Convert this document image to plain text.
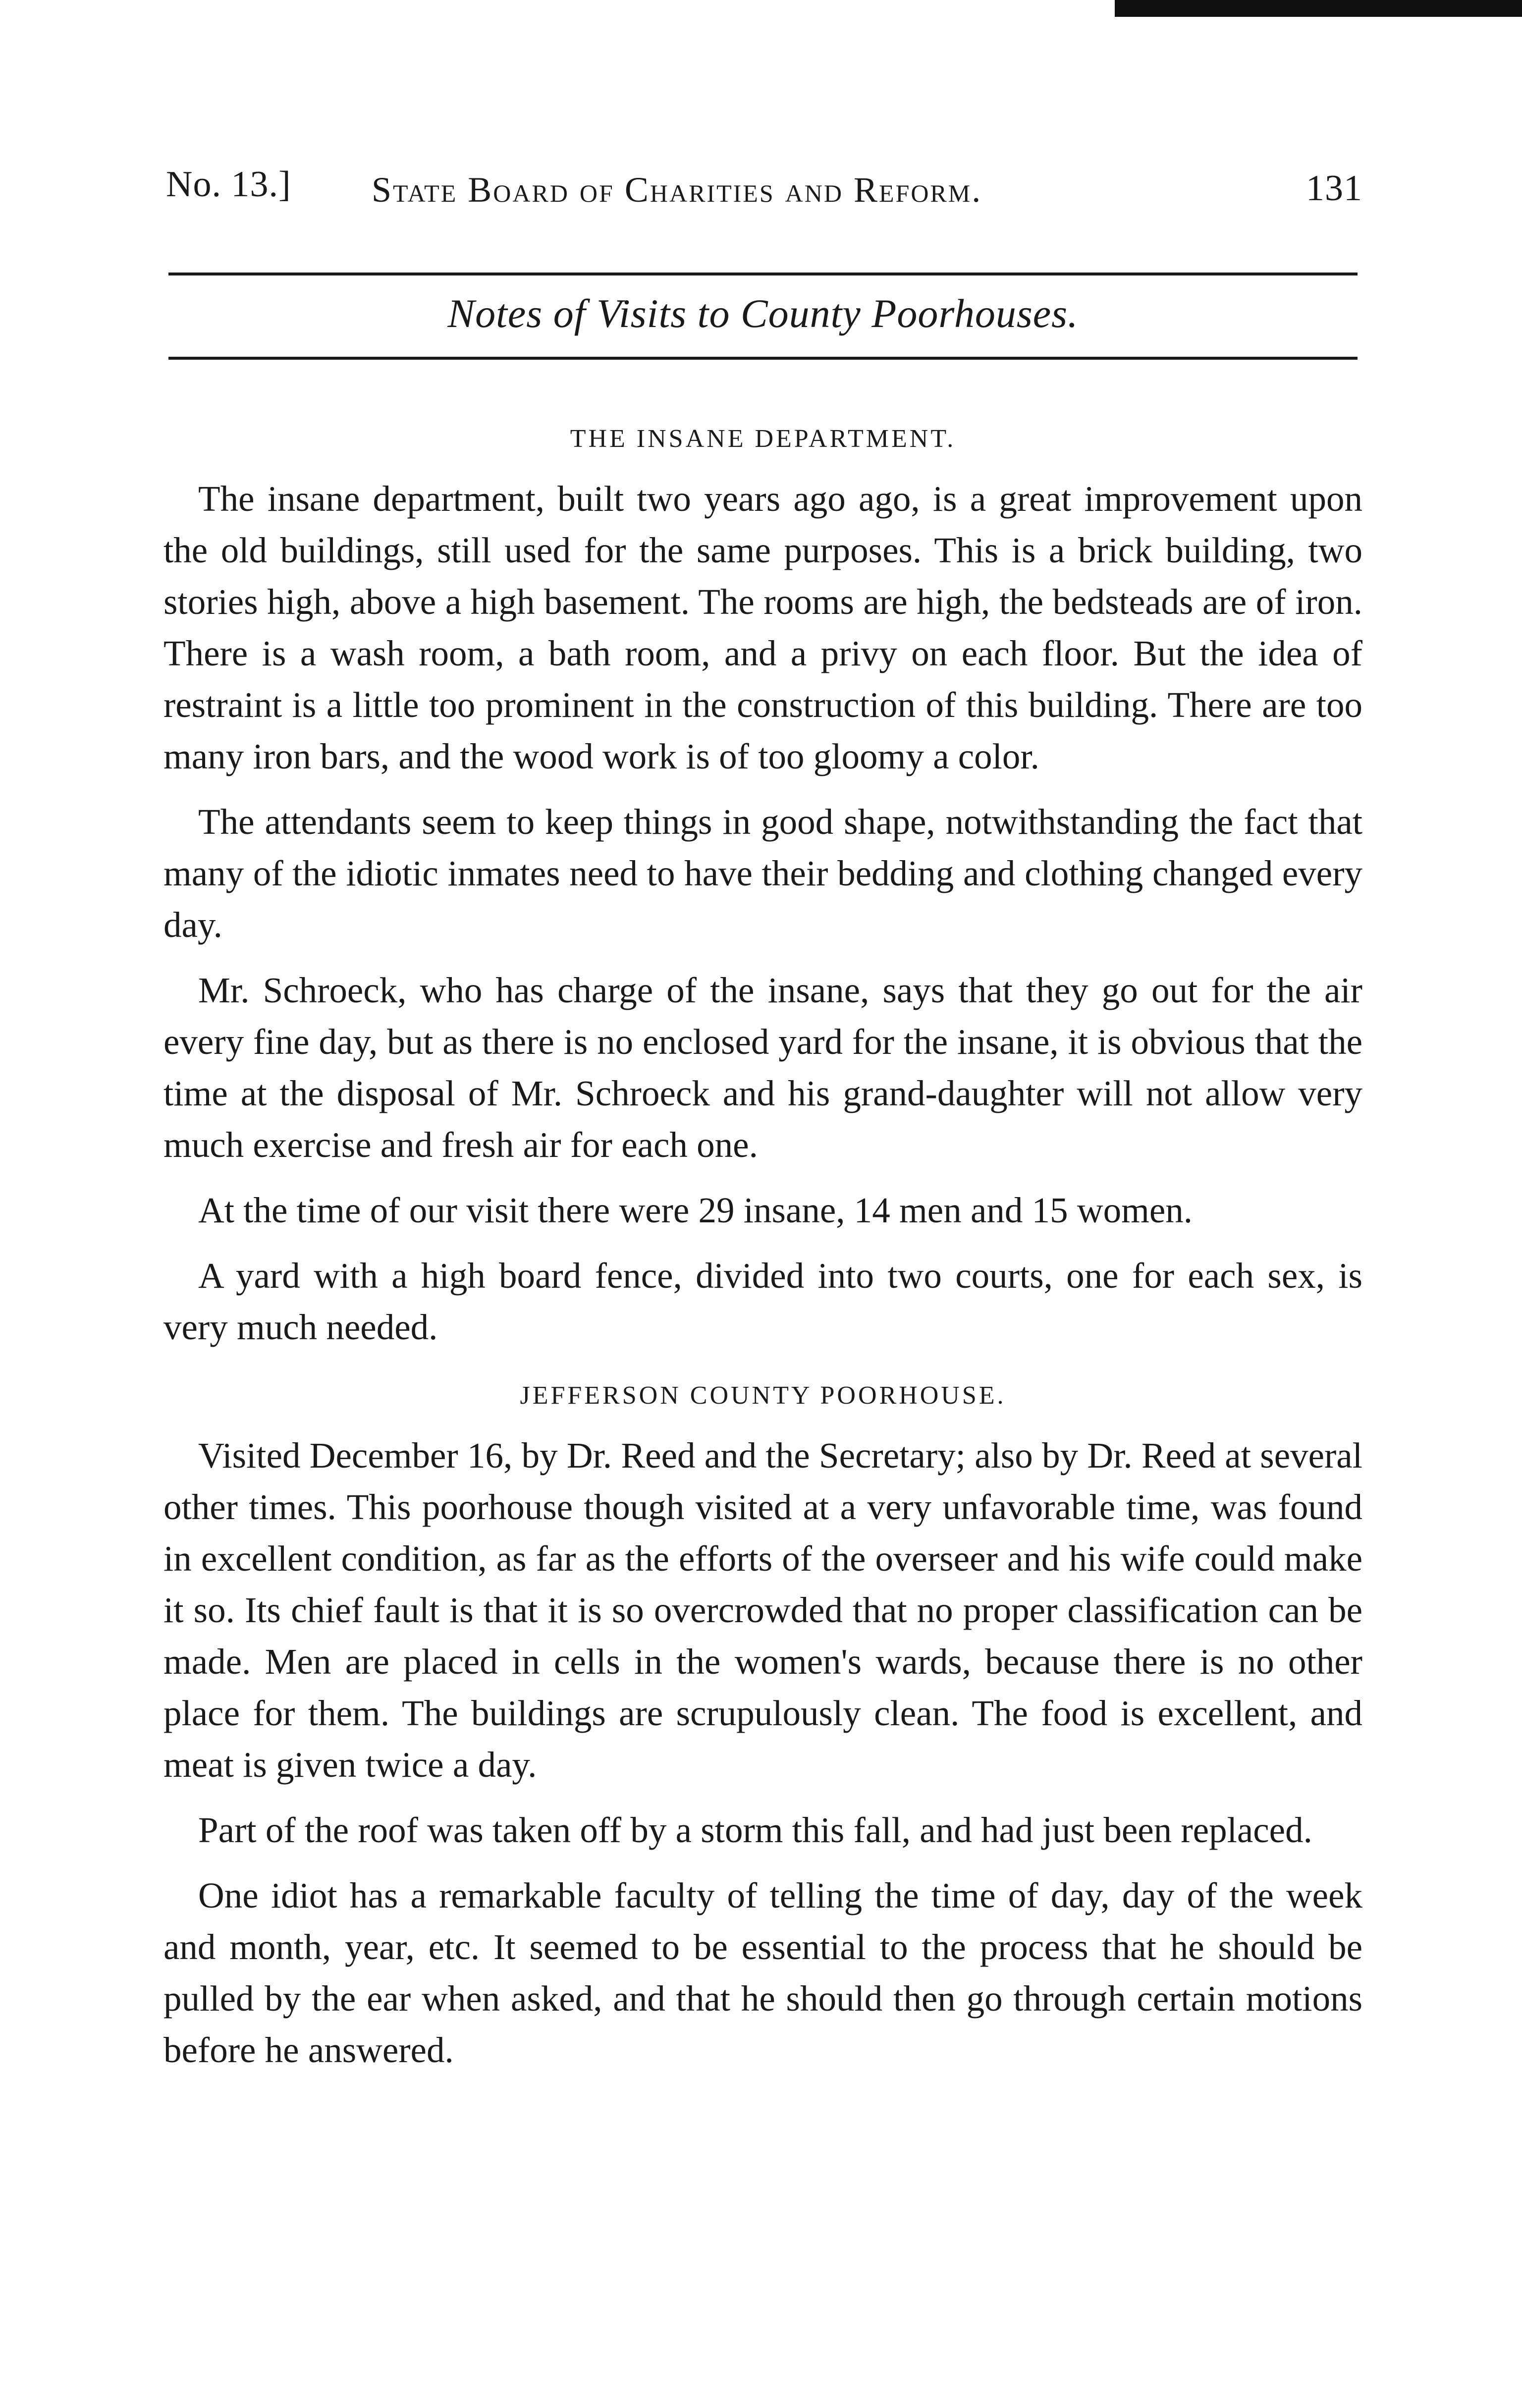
No. 13.] State Board of Charities and Reform.	131
Notes of Visits to County Poorhouses.
THE INSANE DEPARTMENT.

The insane department, built two years ago ago, is a great improvement upon the old buildings, still used for the same purposes. This is a brick building, two stories high, above a high basement. The rooms are high, the bedsteads are of iron. There is a wash room, a bath room, and a privy on each floor. But the idea of restraint is a little too prominent in the construction of this building. There are too many iron bars, and the wood work is of too gloomy a color.

The attendants seem to keep things in good shape, notwithstanding the fact that many of the idiotic inmates need to have their bedding and clothing changed every day.

Mr. Schroeck, who has charge of the insane, says that they go out for the air every fine day, but as there is no enclosed yard for the insane, it is obvious that the time at the disposal of Mr. Schroeck and his grand-daughter will not allow very much exercise and fresh air for each one.

At the time of our visit there were 29 insane, 14 men and 15 women.

A yard with a high board fence, divided into two courts, one for each sex, is very much needed.

JEFFERSON COUNTY POORHOUSE.

Visited December 16, by Dr. Reed and the Secretary; also by Dr. Reed at several other times. This poorhouse though visited at a very unfavorable time, was found in excellent condition, as far as the efforts of the overseer and his wife could make it so. Its chief fault is that it is so overcrowded that no proper classification can be made. Men are placed in cells in the women's wards, because there is no other place for them. The buildings are scrupulously clean. The food is excellent, and meat is given twice a day.

Part of the roof was taken off by a storm this fall, and had just been replaced.

One idiot has a remarkable faculty of telling the time of day, day of the week and month, year, etc. It seemed to be essential to the process that he should be pulled by the ear when asked, and that he should then go through certain motions before he answered.
